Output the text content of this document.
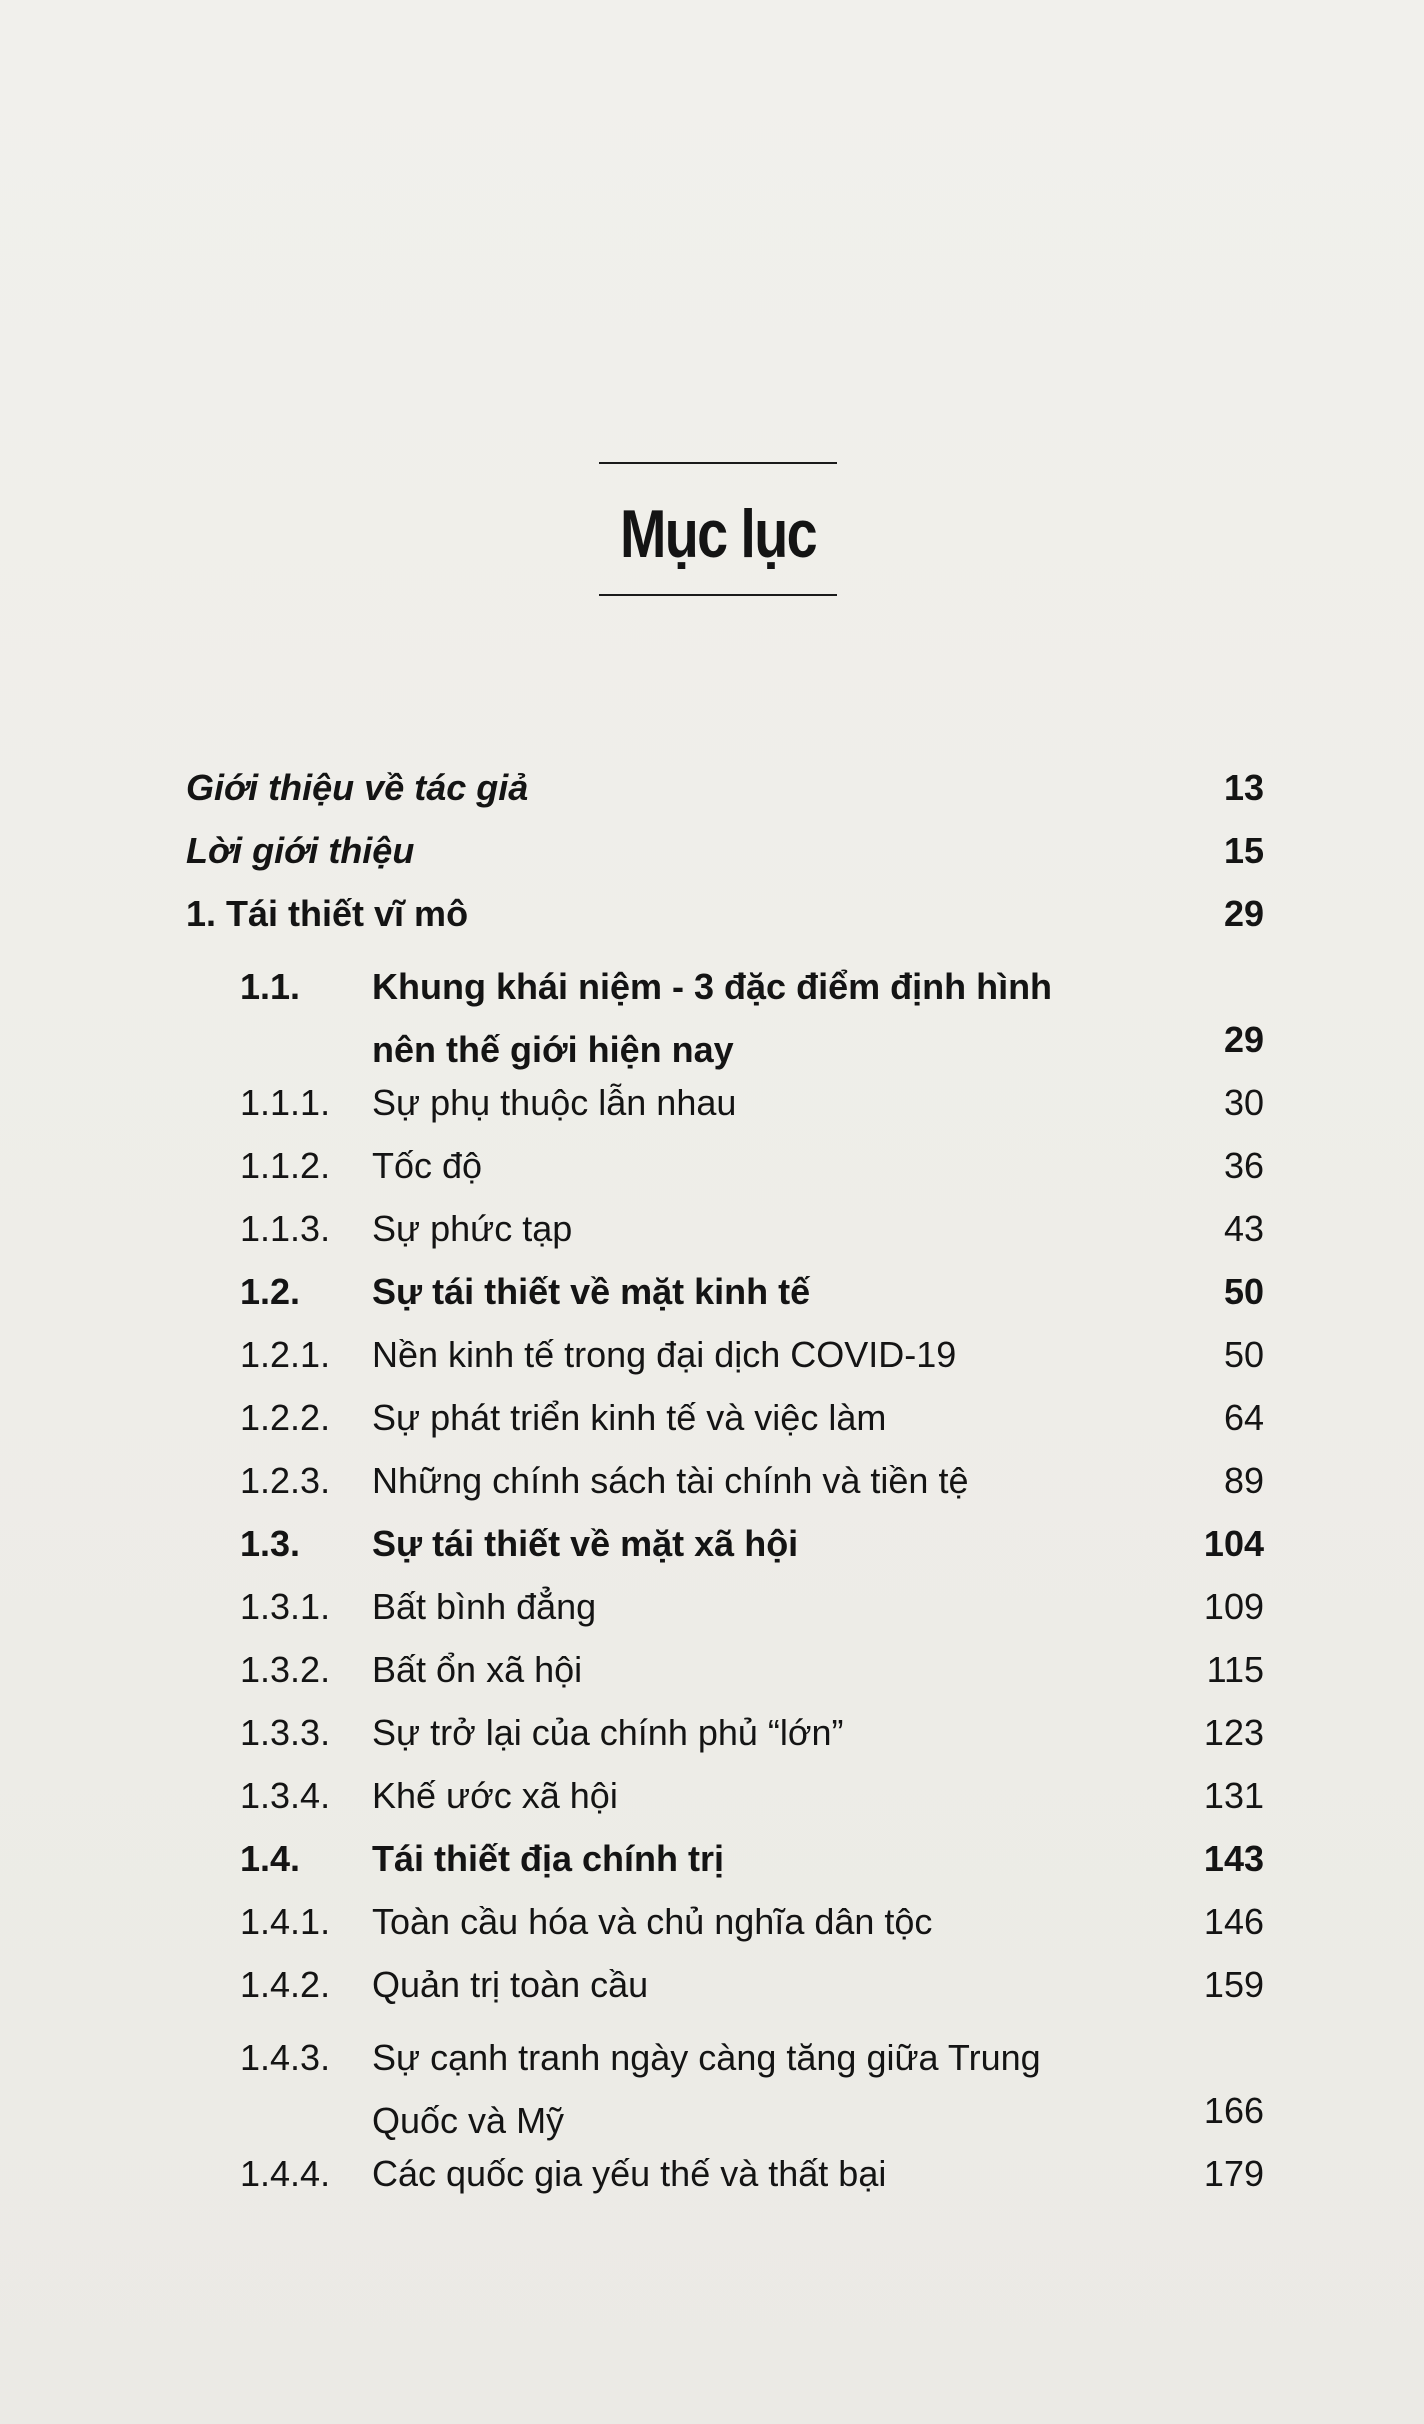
Mục lục
Giới thiệu về tác giả	13
Lời giới thiệu	15
1. Tái thiết vĩ mô	29
1.1.	Khung khái niệm - 3 đặc điểm định hình nên thế giới hiện nay	29
1.1.1.	Sự phụ thuộc lẫn nhau	30
1.1.2.	Tốc độ	36
1.1.3.	Sự phức tạp	43
1.2.	Sự tái thiết về mặt kinh tế	50
1.2.1.	Nền kinh tế trong đại dịch COVID-19	50
1.2.2.	Sự phát triển kinh tế và việc làm	64
1.2.3.	Những chính sách tài chính và tiền tệ	89
1.3.	Sự tái thiết về mặt xã hội	104
1.3.1.	Bất bình đẳng	109
1.3.2.	Bất ổn xã hội	115
1.3.3.	Sự trở lại của chính phủ “lớn”	123
1.3.4.	Khế ước xã hội	131
1.4.	Tái thiết địa chính trị	143
1.4.1.	Toàn cầu hóa và chủ nghĩa dân tộc	146
1.4.2.	Quản trị toàn cầu	159
1.4.3.	Sự cạnh tranh ngày càng tăng giữa Trung Quốc và Mỹ	166
1.4.4.	Các quốc gia yếu thế và thất bại	179
